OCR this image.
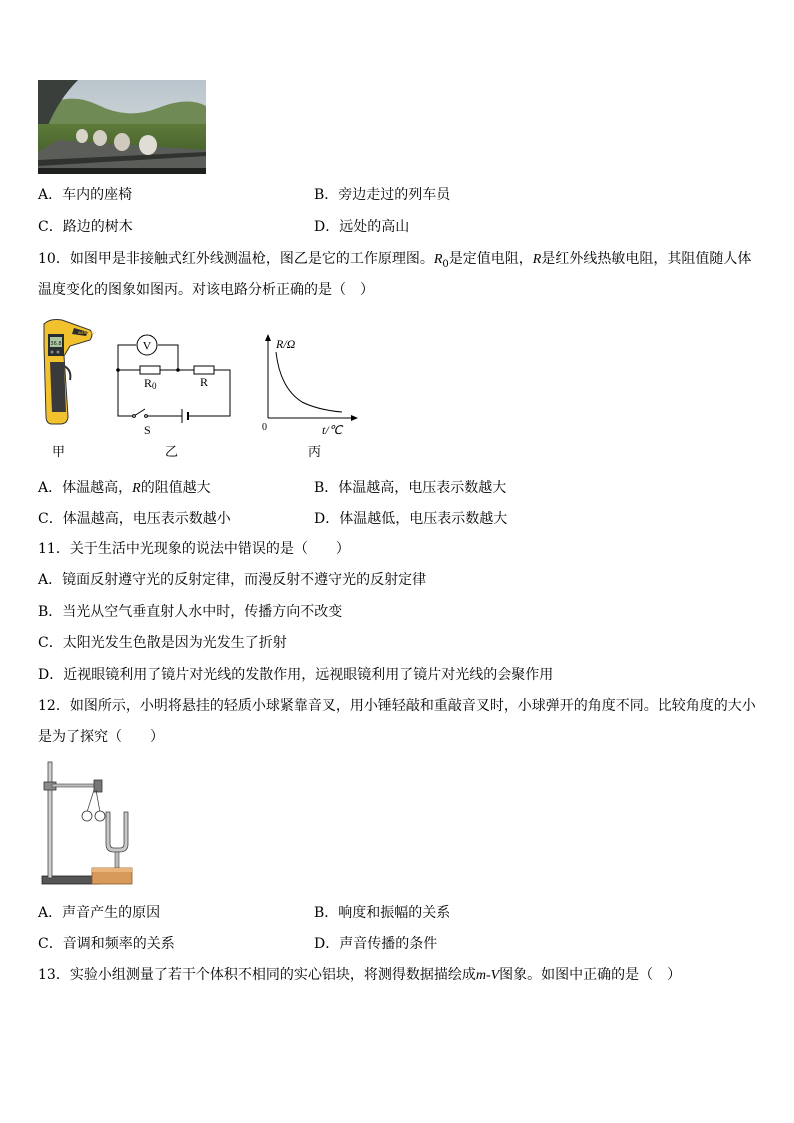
A．车内的座椅	B．旁边走过的列车员
C．路边的树木	D．远处的高山
10．如图甲是非接触式红外线测温枪，图乙是它的工作原理图。$R_0$是定值电阻，R是红外线热敏电阻，其阻值随人体
温度变化的图象如图丙。对该电路分析正确的是（　）
36.8
INFRARED
甲
V
R0	R
S
乙
R/Ω
0	t/℃
丙
A．体温越高，R的阻值越大	B．体温越高，电压表示数越大
C．体温越高，电压表示数越小	D．体温越低，电压表示数越大
11．关于生活中光现象的说法中错误的是（　　）
A．镜面反射遵守光的反射定律，而漫反射不遵守光的反射定律
B．当光从空气垂直射人水中时，传播方向不改变
C．太阳光发生色散是因为光发生了折射
D．近视眼镜利用了镜片对光线的发散作用，远视眼镜利用了镜片对光线的会聚作用
12．如图所示，小明将悬挂的轻质小球紧靠音叉，用小锤轻敲和重敲音叉时，小球弹开的角度不同。比较角度的大小
是为了探究（　　）
A．声音产生的原因	B．响度和振幅的关系
C．音调和频率的关系	D．声音传播的条件
13．实验小组测量了若干个体积不相同的实心铝块，将测得数据描绘成m-V图象。如图中正确的是（　）
